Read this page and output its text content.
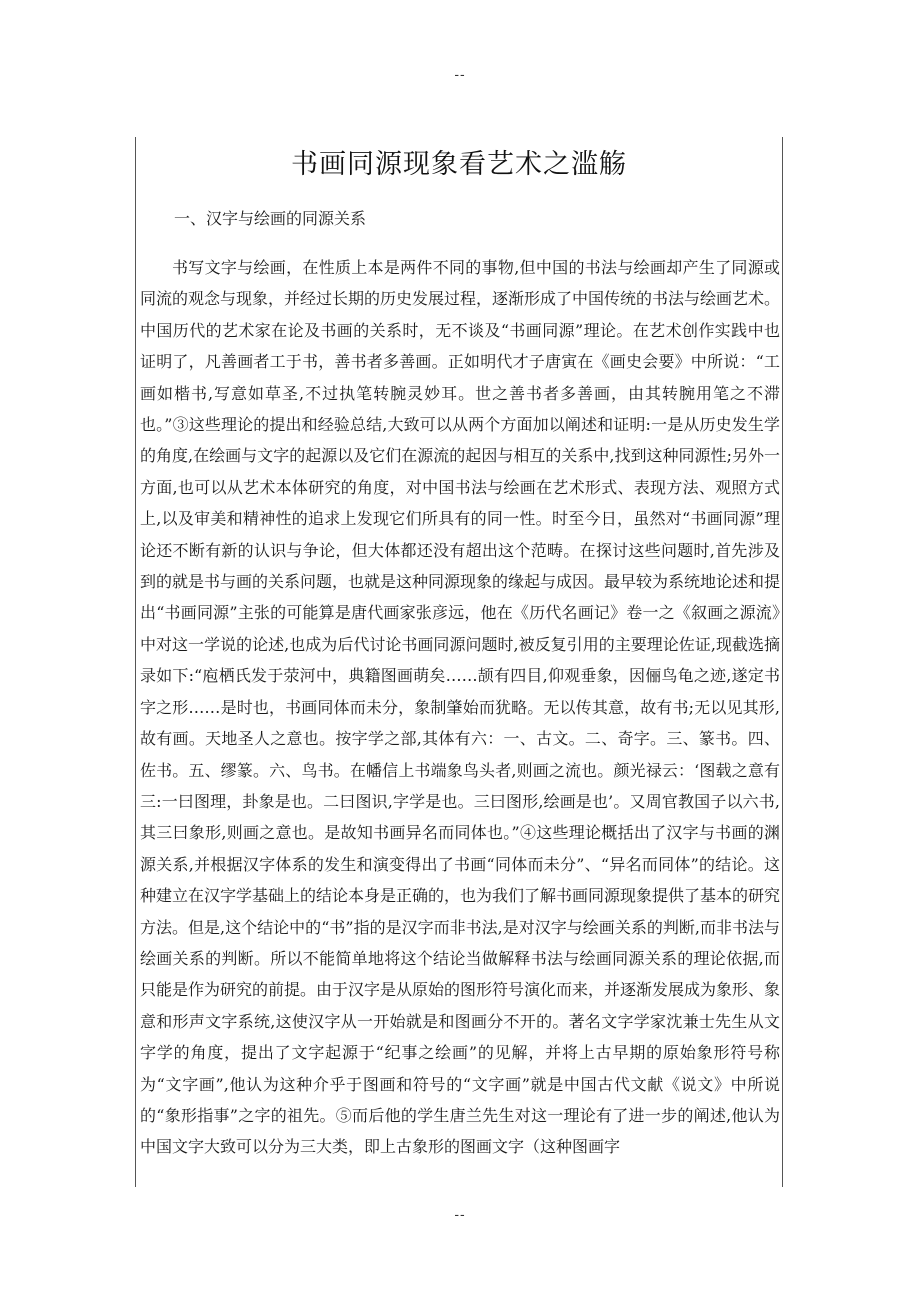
--
书画同源现象看艺术之滥觞
一、汉字与绘画的同源关系

书写文字与绘画，在性质上本是两件不同的事物,但中国的书法与绘画却产生了同源或同流的观念与现象，并经过长期的历史发展过程，逐渐形成了中国传统的书法与绘画艺术。中国历代的艺术家在论及书画的关系时，无不谈及“书画同源”理论。在艺术创作实践中也证明了，凡善画者工于书，善书者多善画。正如明代才子唐寅在《画史会要》中所说：“工画如楷书,写意如草圣,不过执笔转腕灵妙耳。世之善书者多善画，由其转腕用笔之不滞也。”③这些理论的提出和经验总结,大致可以从两个方面加以阐述和证明:一是从历史发生学的角度,在绘画与文字的起源以及它们在源流的起因与相互的关系中,找到这种同源性;另外一方面,也可以从艺术本体研究的角度，对中国书法与绘画在艺术形式、表现方法、观照方式上,以及审美和精神性的追求上发现它们所具有的同一性。时至今日，虽然对“书画同源”理论还不断有新的认识与争论，但大体都还没有超出这个范畴。在探讨这些问题时,首先涉及到的就是书与画的关系问题，也就是这种同源现象的缘起与成因。最早较为系统地论述和提出“书画同源”主张的可能算是唐代画家张彦远，他在《历代名画记》卷一之《叙画之源流》中对这一学说的论述,也成为后代讨论书画同源问题时,被反复引用的主要理论佐证,现截选摘录如下:“庖栖氏发于荥河中，典籍图画萌矣……颉有四目,仰观垂象，因俪鸟龟之迹,遂定书字之形……是时也，书画同体而未分，象制肇始而犹略。无以传其意，故有书;无以见其形,故有画。天地圣人之意也。按字学之部,其体有六：一、古文。二、奇字。三、篆书。四、佐书。五、缪篆。六、鸟书。在幡信上书端象鸟头者,则画之流也。颜光禄云：‘图载之意有三:一曰图理，卦象是也。二曰图识,字学是也。三曰图形,绘画是也’。又周官教国子以六书,其三曰象形,则画之意也。是故知书画异名而同体也。”④这些理论概括出了汉字与书画的渊源关系,并根据汉字体系的发生和演变得出了书画“同体而未分”、“异名而同体”的结论。这种建立在汉字学基础上的结论本身是正确的，也为我们了解书画同源现象提供了基本的研究方法。但是,这个结论中的“书”指的是汉字而非书法,是对汉字与绘画关系的判断,而非书法与绘画关系的判断。所以不能简单地将这个结论当做解释书法与绘画同源关系的理论依据,而只能是作为研究的前提。由于汉字是从原始的图形符号演化而来，并逐渐发展成为象形、象意和形声文字系统,这使汉字从一开始就是和图画分不开的。著名文字学家沈兼士先生从文字学的角度，提出了文字起源于“纪事之绘画”的见解，并将上古早期的原始象形符号称为“文字画”,他认为这种介乎于图画和符号的“文字画”就是中国古代文献《说文》中所说的“象形指事”之字的祖先。⑤而后他的学生唐兰先生对这一理论有了进一步的阐述,他认为中国文字大致可以分为三大类，即上古象形的图画文字（这种图画字

--
